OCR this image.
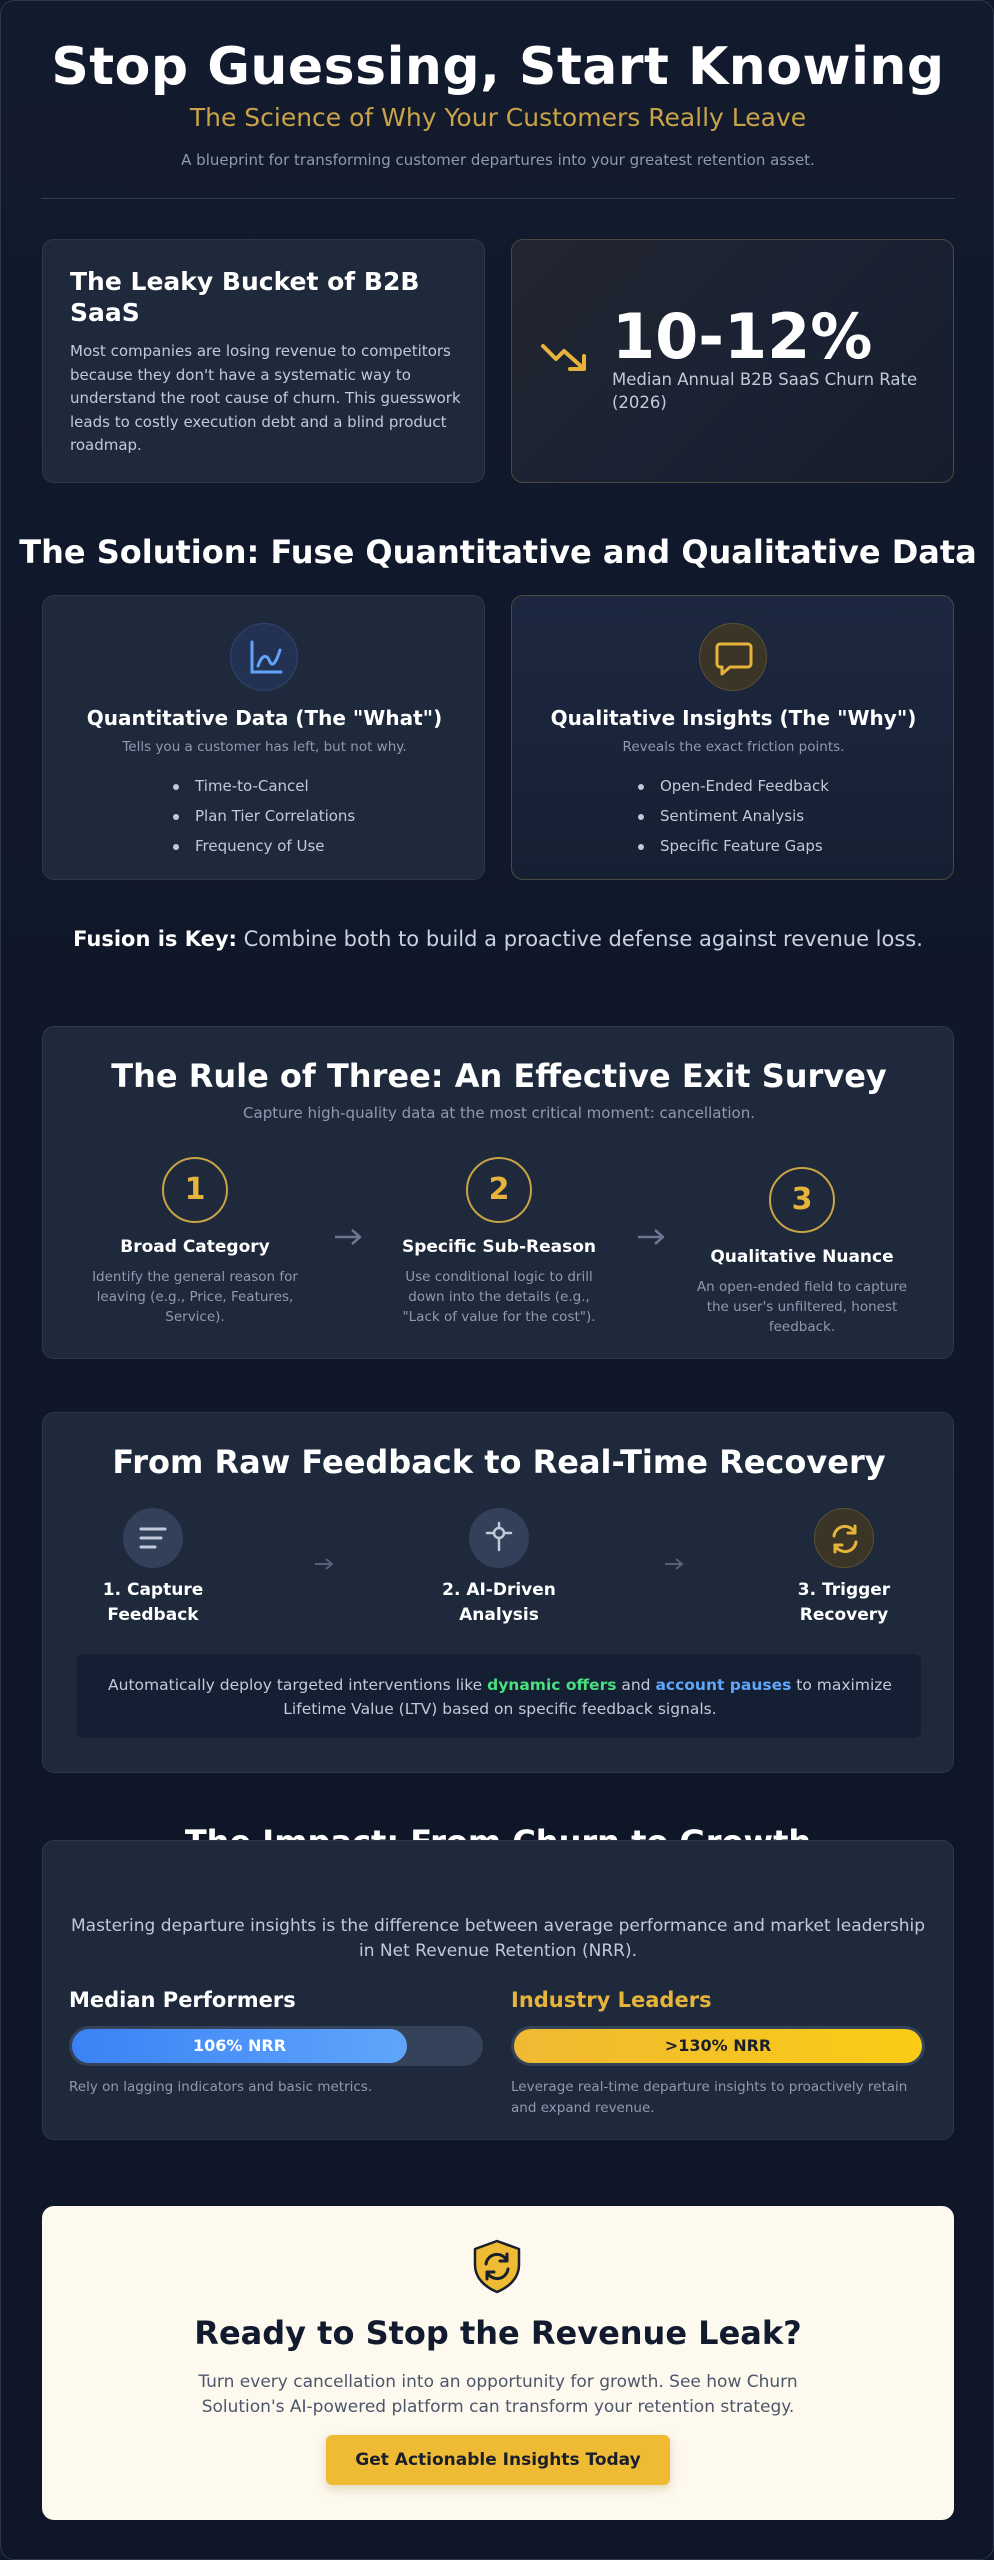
Stop Guessing, Start Knowing
The Science of Why Your Customers Really Leave
A blueprint for transforming customer departures into your greatest retention asset.
The Leaky Bucket of B2B SaaS
Most companies are losing revenue to competitors because they don't have a systematic way to understand the root cause of churn. This guesswork leads to costly execution debt and a blind product roadmap.
10-12%
Median Annual B2B SaaS Churn Rate (2026)
The Solution: Fuse Quantitative and Qualitative Data
Quantitative Data (The "What")
Tells you a customer has left, but not why.
Time-to-Cancel
Plan Tier Correlations
Frequency of Use
Qualitative Insights (The "Why")
Reveals the exact friction points.
Open-Ended Feedback
Sentiment Analysis
Specific Feature Gaps
Fusion is Key: Combine both to build a proactive defense against revenue loss.
The Rule of Three: An Effective Exit Survey
Capture high-quality data at the most critical moment: cancellation.
1
Broad Category
Identify the general reason for leaving (e.g., Price, Features, Service).
2
Specific Sub-Reason
Use conditional logic to drill down into the details (e.g., "Lack of value for the cost").
3
Qualitative Nuance
An open-ended field to capture the user's unfiltered, honest feedback.
From Raw Feedback to Real-Time Recovery
1. Capture Feedback
2. AI-Driven Analysis
3. Trigger Recovery
Automatically deploy targeted interventions like dynamic offers and account pauses to maximize Lifetime Value (LTV) based on specific feedback signals.
Mastering departure insights is the difference between average performance and market leadership in Net Revenue Retention (NRR).
Median Performers
106% NRR
Rely on lagging indicators and basic metrics.
Industry Leaders
>130% NRR
Leverage real-time departure insights to proactively retain and expand revenue.
Ready to Stop the Revenue Leak?
Turn every cancellation into an opportunity for growth. See how Churn Solution's AI-powered platform can transform your retention strategy.
Get Actionable Insights Today
